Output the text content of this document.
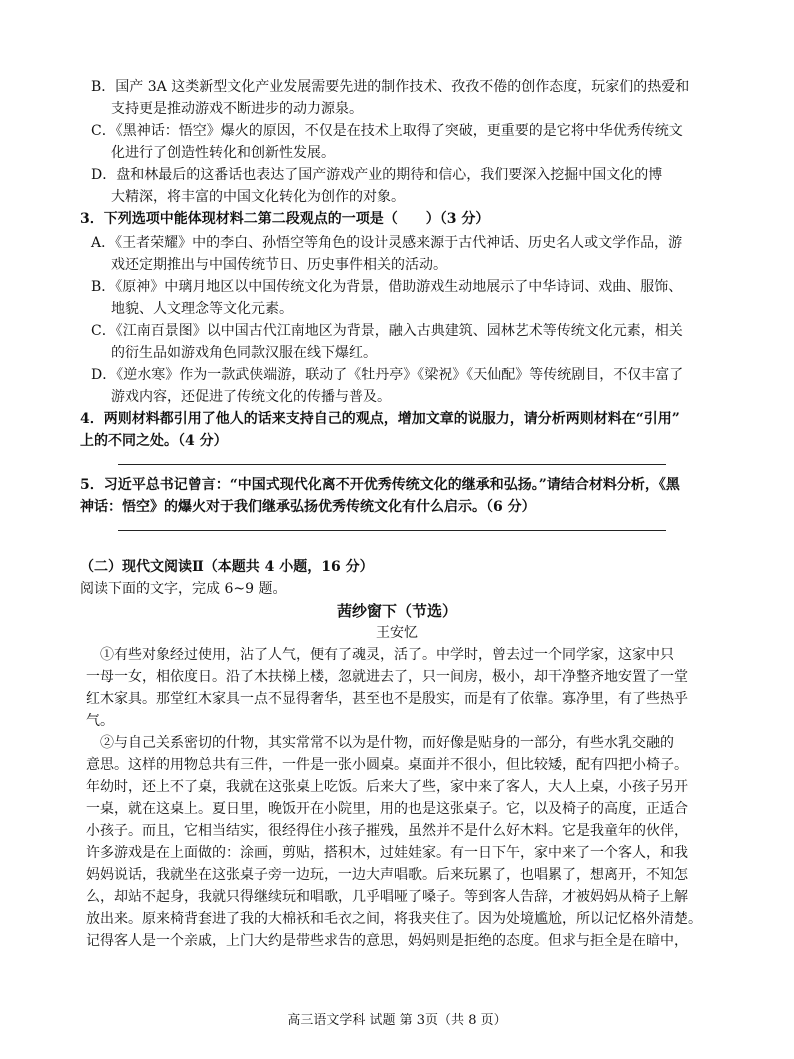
B．国产 3A 这类新型文化产业发展需要先进的制作技术、孜孜不倦的创作态度，玩家们的热爱和
支持更是推动游戏不断进步的动力源泉。
C．《黑神话：悟空》爆火的原因，不仅是在技术上取得了突破，更重要的是它将中华优秀传统文
化进行了创造性转化和创新性发展。
D．盘和林最后的这番话也表达了国产游戏产业的期待和信心，我们要深入挖掘中国文化的博
大精深，将丰富的中国文化转化为创作的对象。
3．下列选项中能体现材料二第二段观点的一项是（　　）（3 分）
A．《王者荣耀》中的李白、孙悟空等角色的设计灵感来源于古代神话、历史名人或文学作品，游
戏还定期推出与中国传统节日、历史事件相关的活动。
B．《原神》中璃月地区以中国传统文化为背景，借助游戏生动地展示了中华诗词、戏曲、服饰、
地貌、人文理念等文化元素。
C．《江南百景图》以中国古代江南地区为背景，融入古典建筑、园林艺术等传统文化元素，相关
的衍生品如游戏角色同款汉服在线下爆红。
D．《逆水寒》作为一款武侠端游，联动了《牡丹亭》《梁祝》《天仙配》等传统剧目，不仅丰富了
游戏内容，还促进了传统文化的传播与普及。
4．两则材料都引用了他人的话来支持自己的观点，增加文章的说服力，请分析两则材料在“引用”
上的不同之处。（4 分）
5．习近平总书记曾言：“中国式现代化离不开优秀传统文化的继承和弘扬。”请结合材料分析，《黑
神话：悟空》的爆火对于我们继承弘扬优秀传统文化有什么启示。（6 分）
（二）现代文阅读Ⅱ（本题共 4 小题，16 分）
阅读下面的文字，完成 6~9 题。
茜纱窗下（节选）
王安忆
①有些对象经过使用，沾了人气，便有了魂灵，活了。中学时，曾去过一个同学家，这家中只
一母一女，相依度日。沿了木扶梯上楼，忽就进去了，只一间房，极小，却干净整齐地安置了一堂
红木家具。那堂红木家具一点不显得奢华，甚至也不是殷实，而是有了依靠。寡净里，有了些热乎
气。
②与自己关系密切的什物，其实常常不以为是什物，而好像是贴身的一部分，有些水乳交融的
意思。这样的用物总共有三件，一件是一张小圆桌。桌面并不很小，但比较矮，配有四把小椅子。
年幼时，还上不了桌，我就在这张桌上吃饭。后来大了些，家中来了客人，大人上桌，小孩子另开
一桌，就在这桌上。夏日里，晚饭开在小院里，用的也是这张桌子。它，以及椅子的高度，正适合
小孩子。而且，它相当结实，很经得住小孩子摧残，虽然并不是什么好木料。它是我童年的伙伴，
许多游戏是在上面做的：涂画，剪贴，搭积木，过娃娃家。有一日下午，家中来了一个客人，和我
妈妈说话，我就坐在这张桌子旁一边玩，一边大声唱歌。后来玩累了，也唱累了，想离开，不知怎
么，却站不起身，我就只得继续玩和唱歌，几乎唱哑了嗓子。等到客人告辞，才被妈妈从椅子上解
放出来。原来椅背套进了我的大棉袄和毛衣之间，将我夹住了。因为处境尴尬，所以记忆格外清楚。
记得客人是一个亲戚，上门大约是带些求告的意思，妈妈则是拒绝的态度。但求与拒全是在暗中，
高三语文学科 试题 第 3页（共 8 页）
